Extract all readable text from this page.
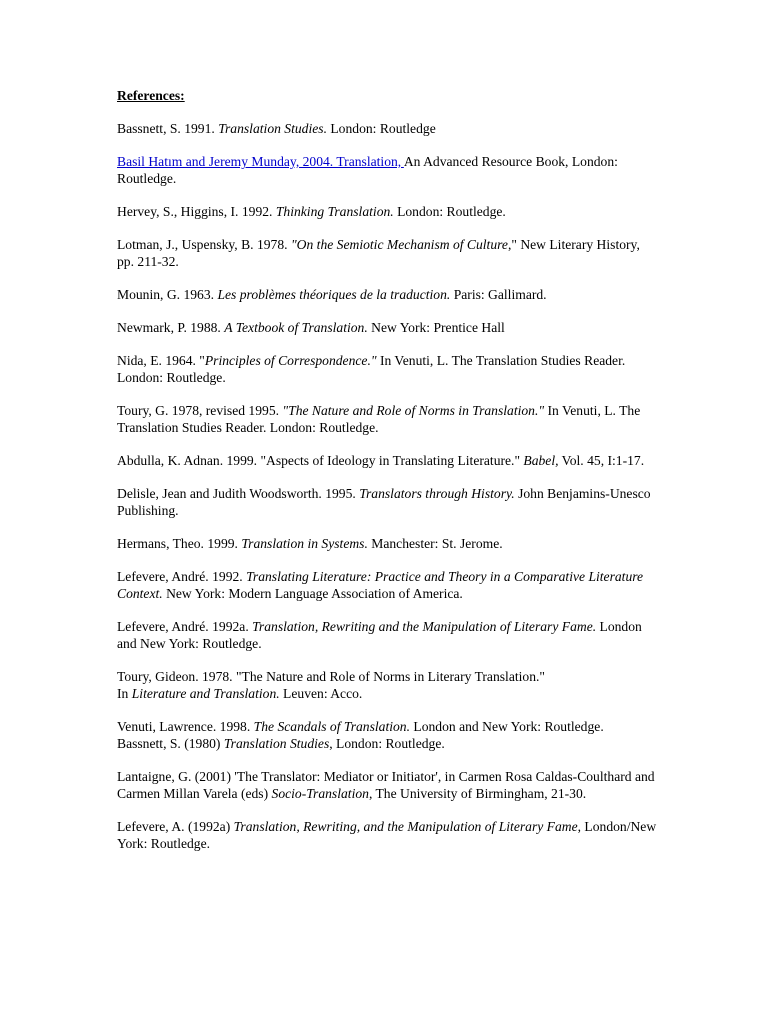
References:
Bassnett, S. 1991. Translation Studies. London: Routledge
Basil Hatım and Jeremy Munday, 2004. Translation, An Advanced Resource Book, London: Routledge.
Hervey, S., Higgins, I. 1992. Thinking Translation. London: Routledge.
Lotman, J., Uspensky, B. 1978. "On the Semiotic Mechanism of Culture," New Literary History, pp. 211-32.
Mounin, G. 1963. Les problèmes théoriques de la traduction. Paris: Gallimard.
Newmark, P. 1988. A Textbook of Translation. New York: Prentice Hall
Nida, E. 1964. "Principles of Correspondence." In Venuti, L. The Translation Studies Reader. London: Routledge.
Toury, G. 1978, revised 1995. "The Nature and Role of Norms in Translation." In Venuti, L. The Translation Studies Reader. London: Routledge.
Abdulla, K. Adnan. 1999. "Aspects of Ideology in Translating Literature." Babel, Vol. 45, I:1-17.
Delisle, Jean and Judith Woodsworth. 1995. Translators through History. John Benjamins-Unesco Publishing.
Hermans, Theo. 1999. Translation in Systems. Manchester: St. Jerome.
Lefevere, André. 1992. Translating Literature: Practice and Theory in a Comparative Literature Context. New York: Modern Language Association of America.
Lefevere, André. 1992a. Translation, Rewriting and the Manipulation of Literary Fame. London and New York: Routledge.
Toury, Gideon. 1978. "The Nature and Role of Norms in Literary Translation."
In Literature and Translation. Leuven: Acco.
Venuti, Lawrence. 1998. The Scandals of Translation. London and New York: Routledge.
Bassnett, S. (1980) Translation Studies, London: Routledge.
Lantaigne, G. (2001) 'The Translator: Mediator or Initiator', in Carmen Rosa Caldas-Coulthard and Carmen Millan Varela (eds) Socio-Translation, The University of Birmingham, 21-30.
Lefevere, A. (1992a) Translation, Rewriting, and the Manipulation of Literary Fame, London/New York: Routledge.
